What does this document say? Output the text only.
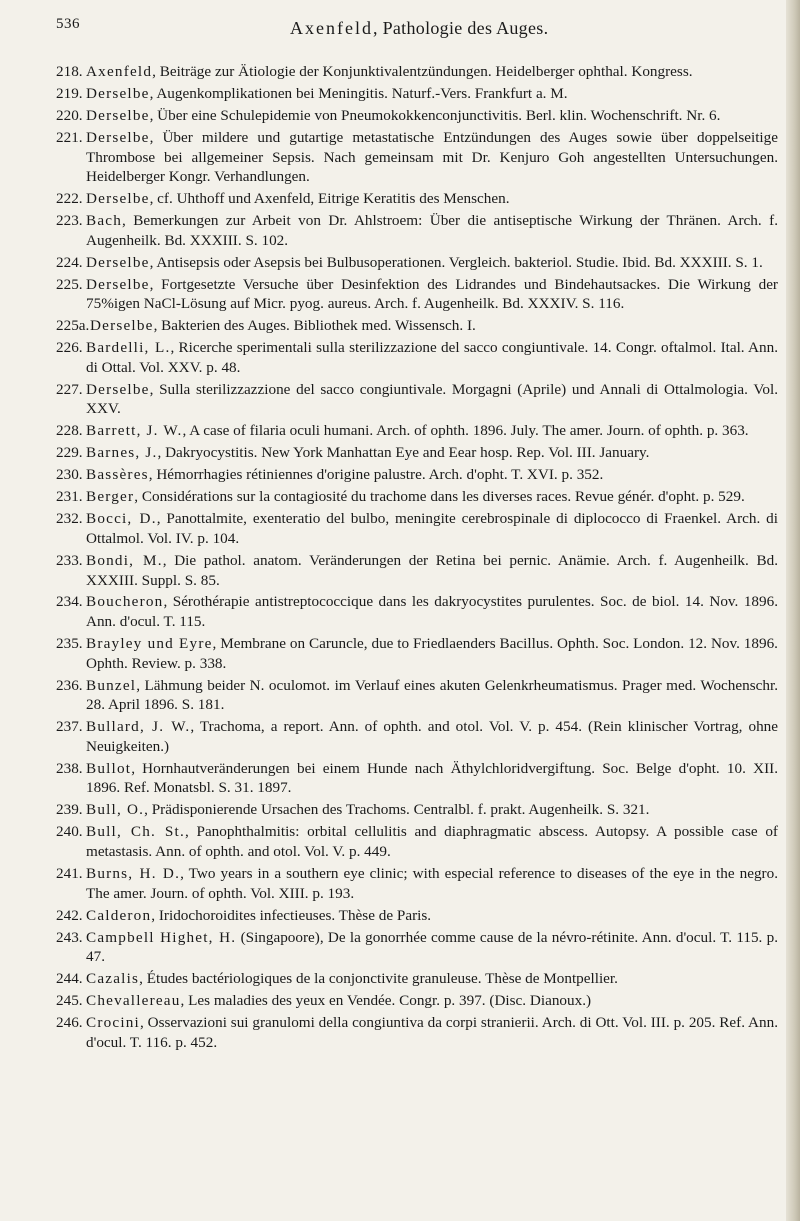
536	Axenfeld, Pathologie des Auges.
218. Axenfeld, Beiträge zur Ätiologie der Konjunktivalentzündungen. Heidelberger ophthal. Kongress.
219. Derselbe, Augenkomplikationen bei Meningitis. Naturf.-Vers. Frankfurt a. M.
220. Derselbe, Über eine Schulepidemie von Pneumokokkenconjunctivitis. Berl. klin. Wochenschrift. Nr. 6.
221. Derselbe, Über mildere und gutartige metastatische Entzündungen des Auges sowie über doppelseitige Thrombose bei allgemeiner Sepsis. Nach gemeinsam mit Dr. Kenjuro Goh angestellten Untersuchungen. Heidelberger Kongr. Verhandlungen.
222. Derselbe, cf. Uhthoff und Axenfeld, Eitrige Keratitis des Menschen.
223. Bach, Bemerkungen zur Arbeit von Dr. Ahlstroem: Über die antiseptische Wirkung der Thränen. Arch. f. Augenheilk. Bd. XXXIII. S. 102.
224. Derselbe, Antisepsis oder Asepsis bei Bulbusoperationen. Vergleich. bakteriol. Studie. Ibid. Bd. XXXIII. S. 1.
225. Derselbe, Fortgesetzte Versuche über Desinfektion des Lidrandes und Bindehautsackes. Die Wirkung der 75%igen NaCl-Lösung auf Micr. pyog. aureus. Arch. f. Augenheilk. Bd. XXXIV. S. 116.
225a. Derselbe, Bakterien des Auges. Bibliothek med. Wissensch. I.
226. Bardelli, L., Ricerche sperimentali sulla sterilizzazione del sacco congiuntivale. 14. Congr. oftalmol. Ital. Ann. di Ottal. Vol. XXV. p. 48.
227. Derselbe, Sulla sterilizzazzione del sacco congiuntivale. Morgagni (Aprile) und Annali di Ottalmologia. Vol. XXV.
228. Barrett, J. W., A case of filaria oculi humani. Arch. of ophth. 1896. July. The amer. Journ. of ophth. p. 363.
229. Barnes, J., Dakryocystitis. New York Manhattan Eye and Eear hosp. Rep. Vol. III. January.
230. Bassères, Hémorrhagies rétiniennes d'origine palustre. Arch. d'opht. T. XVI. p. 352.
231. Berger, Considérations sur la contagiosité du trachome dans les diverses races. Revue génér. d'opht. p. 529.
232. Bocci, D., Panottalmite, exenteratio del bulbo, meningite cerebrospinale di diplococco di Fraenkel. Arch. di Ottalmol. Vol. IV. p. 104.
233. Bondi, M., Die pathol. anatom. Veränderungen der Retina bei pernic. Anämie. Arch. f. Augenheilk. Bd. XXXIII. Suppl. S. 85.
234. Boucheron, Sérothérapie antistreptococcique dans les dakryocystites purulentes. Soc. de biol. 14. Nov. 1896. Ann. d'ocul. T. 115.
235. Brayley und Eyre, Membrane on Caruncle, due to Friedlaenders Bacillus. Ophth. Soc. London. 12. Nov. 1896. Ophth. Review. p. 338.
236. Bunzel, Lähmung beider N. oculomot. im Verlauf eines akuten Gelenkrheumatismus. Prager med. Wochenschr. 28. April 1896. S. 181.
237. Bullard, J. W., Trachoma, a report. Ann. of ophth. and otol. Vol. V. p. 454. (Rein klinischer Vortrag, ohne Neuigkeiten.)
238. Bullot, Hornhautveränderungen bei einem Hunde nach Äthylchloridvergiftung. Soc. Belge d'opht. 10. XII. 1896. Ref. Monatsbl. S. 31. 1897.
239. Bull, O., Prädisponierende Ursachen des Trachoms. Centralbl. f. prakt. Augenheilk. S. 321.
240. Bull, Ch. St., Panophthalmitis: orbital cellulitis and diaphragmatic abscess. Autopsy. A possible case of metastasis. Ann. of ophth. and otol. Vol. V. p. 449.
241. Burns, H. D., Two years in a southern eye clinic; with especial reference to diseases of the eye in the negro. The amer. Journ. of ophth. Vol. XIII. p. 193.
242. Calderon, Iridochoroidites infectieuses. Thèse de Paris.
243. Campbell Highet, H. (Singapoore), De la gonorrhée comme cause de la névro-rétinite. Ann. d'ocul. T. 115. p. 47.
244. Cazalis, Études bactériologiques de la conjonctivite granuleuse. Thèse de Montpellier.
245. Chevallereau, Les maladies des yeux en Vendée. Congr. p. 397. (Disc. Dianoux.)
246. Crocini, Osservazioni sui granulomi della congiuntiva da corpi stranierii. Arch. di Ott. Vol. III. p. 205. Ref. Ann. d'ocul. T. 116. p. 452.
